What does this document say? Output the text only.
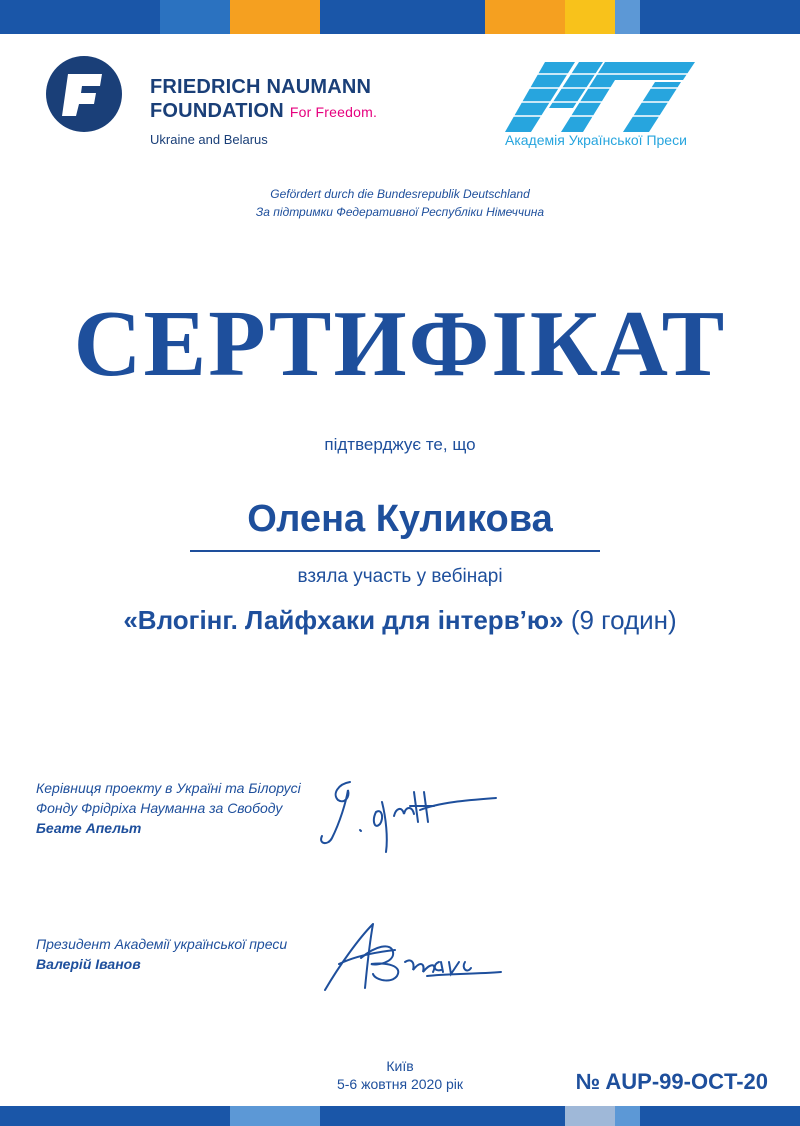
FRIEDRICH NAUMANN
FOUNDATION For Freedom.
Ukraine and Belarus	Академія Української Преси
Gefördert durch die Bundesrepublik Deutschland
За підтримки Федеративної Республіки Німеччина
СЕРТИФІКАТ
підтверджує те, що
Олена Куликова
взяла участь у вебінарі
«Влогінг. Лайфхаки для інтерв’ю» (9 годин)
Керівниця проекту в Україні та Білорусі
Фонду Фрідріха Науманна за Свободу
Беате Апельт
Президент Академії української преси
Валерій Іванов
Київ
5-6 жовтня 2020 рік	№ AUP-99-OCT-20
